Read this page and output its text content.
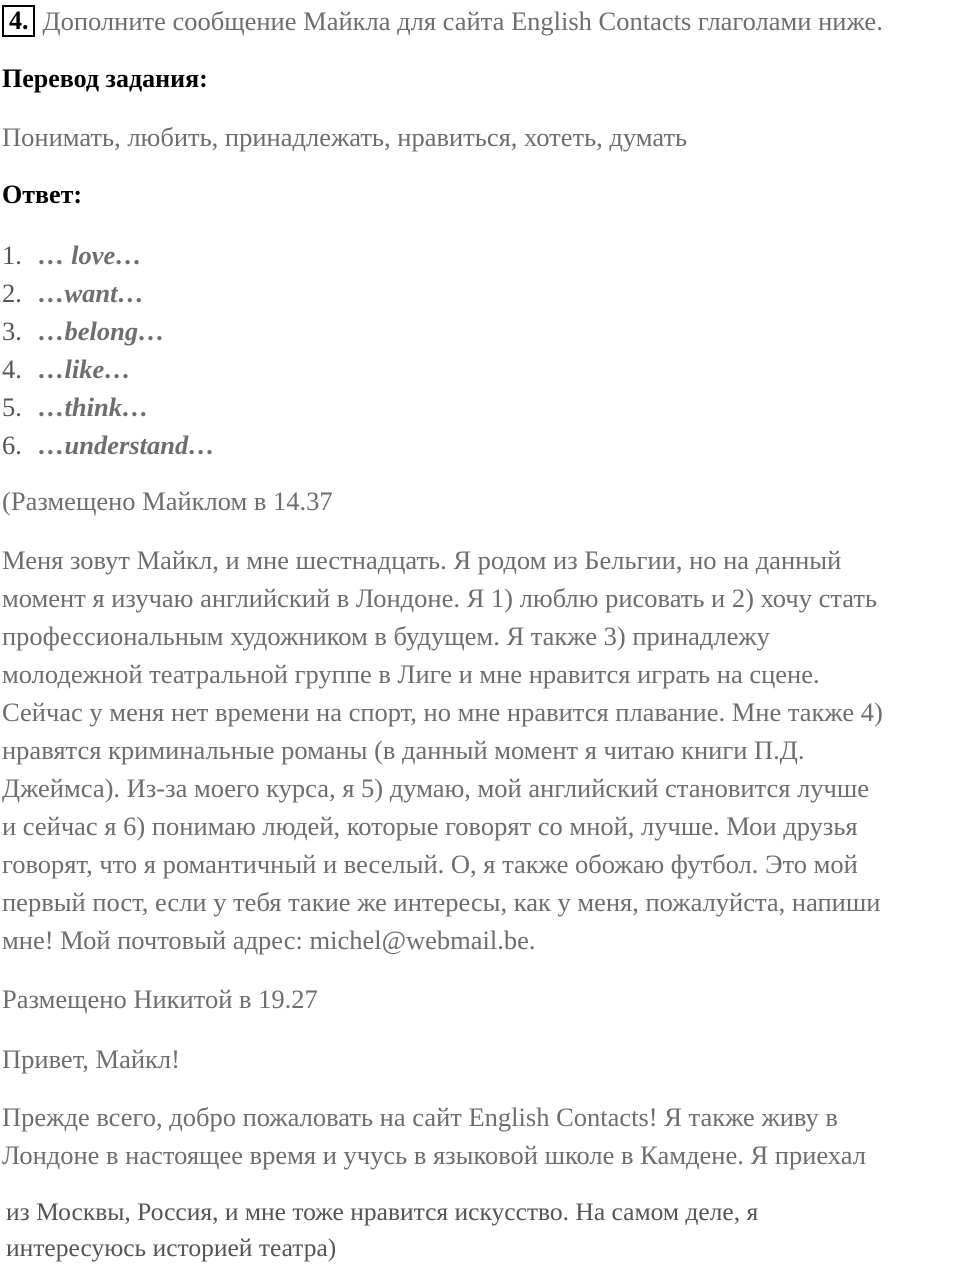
4. Дополните сообщение Майкла для сайта English Contacts глаголами ниже.
Перевод задания:
Понимать, любить, принадлежать, нравиться, хотеть, думать
Ответ:
1. … love…
2. …want…
3. …belong…
4. …like…
5. …think…
6. …understand…
(Размещено Майклом в 14.37
Меня зовут Майкл, и мне шестнадцать. Я родом из Бельгии, но на данный
момент я изучаю английский в Лондоне. Я 1) люблю рисовать и 2) хочу стать
профессиональным художником в будущем. Я также 3) принадлежу
молодежной театральной группе в Лиге и мне нравится играть на сцене.
Сейчас у меня нет времени на спорт, но мне нравится плавание. Мне также 4)
нравятся криминальные романы (в данный момент я читаю книги П.Д.
Джеймса). Из-за моего курса, я 5) думаю, мой английский становится лучше
и сейчас я 6) понимаю людей, которые говорят со мной, лучше. Мои друзья
говорят, что я романтичный и веселый. О, я также обожаю футбол. Это мой
первый пост, если у тебя такие же интересы, как у меня, пожалуйста, напиши
мне! Мой почтовый адрес: michel@webmail.be.
Размещено Никитой в 19.27
Привет, Майкл!
Прежде всего, добро пожаловать на сайт English Contacts! Я также живу в
Лондоне в настоящее время и учусь в языковой школе в Камдене. Я приехал
из Москвы, Россия, и мне тоже нравится искусство. На самом деле, я
интересуюсь историей театра)
